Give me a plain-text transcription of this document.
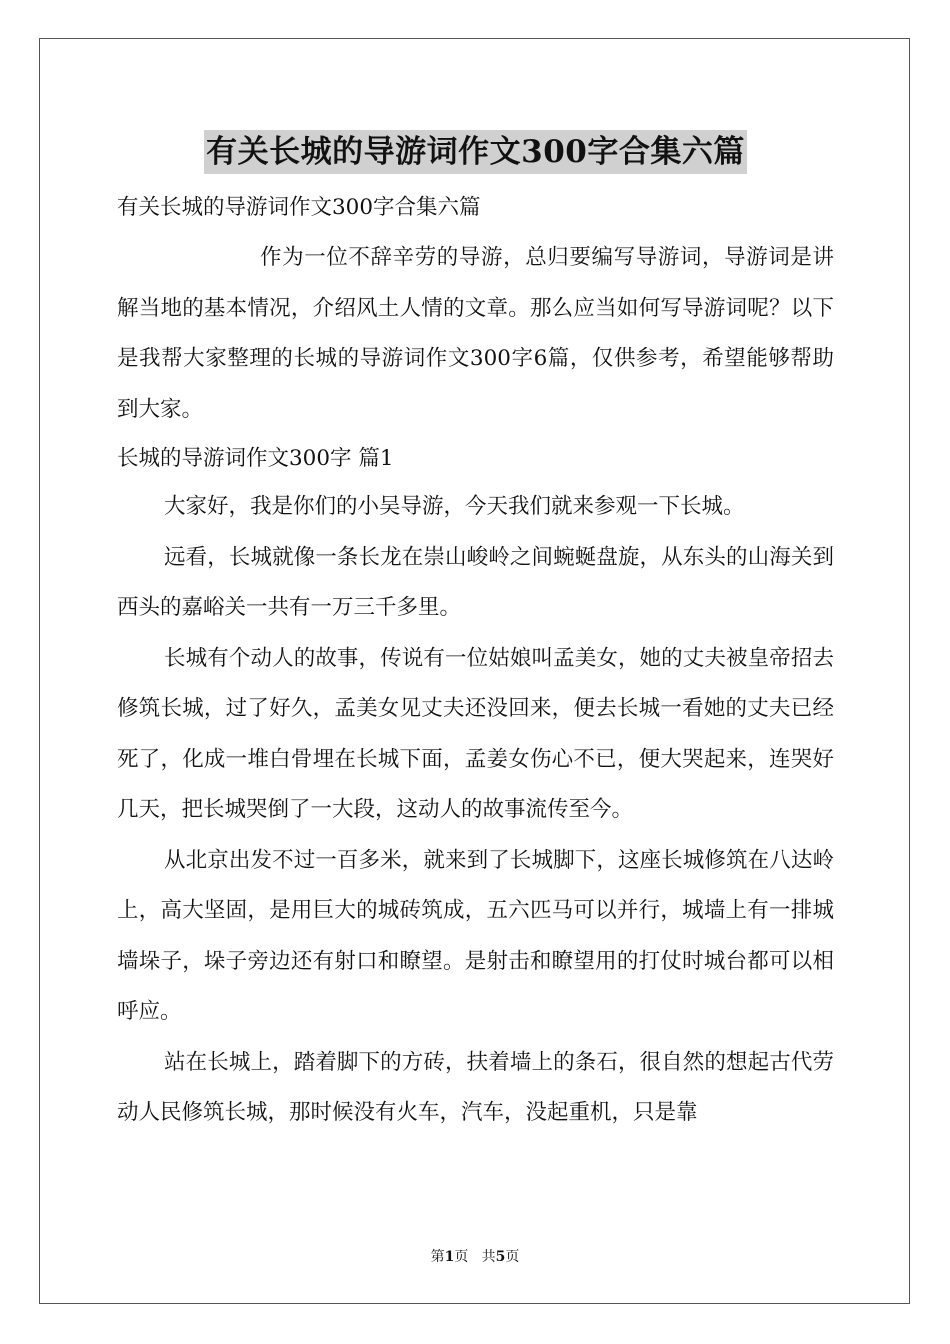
有关长城的导游词作文300字合集六篇

有关长城的导游词作文300字合集六篇

作为一位不辞辛劳的导游，总归要编写导游词，导游词是讲解当地的基本情况，介绍风土人情的文章。那么应当如何写导游词呢？以下是我帮大家整理的长城的导游词作文300字6篇，仅供参考，希望能够帮助到大家。

长城的导游词作文300字 篇1

大家好，我是你们的小吴导游，今天我们就来参观一下长城。

远看，长城就像一条长龙在崇山峻岭之间蜿蜒盘旋，从东头的山海关到西头的嘉峪关一共有一万三千多里。

长城有个动人的故事，传说有一位姑娘叫孟美女，她的丈夫被皇帝招去修筑长城，过了好久，孟美女见丈夫还没回来，便去长城一看她的丈夫已经死了，化成一堆白骨埋在长城下面，孟姜女伤心不已，便大哭起来，连哭好几天，把长城哭倒了一大段，这动人的故事流传至今。

从北京出发不过一百多米，就来到了长城脚下，这座长城修筑在八达岭上，高大坚固，是用巨大的城砖筑成，五六匹马可以并行，城墙上有一排城墙垛子，垛子旁边还有射口和瞭望。是射击和瞭望用的打仗时城台都可以相呼应。

站在长城上，踏着脚下的方砖，扶着墙上的条石，很自然的想起古代劳动人民修筑长城，那时候没有火车，汽车，没起重机，只是靠

第1页   共5页
